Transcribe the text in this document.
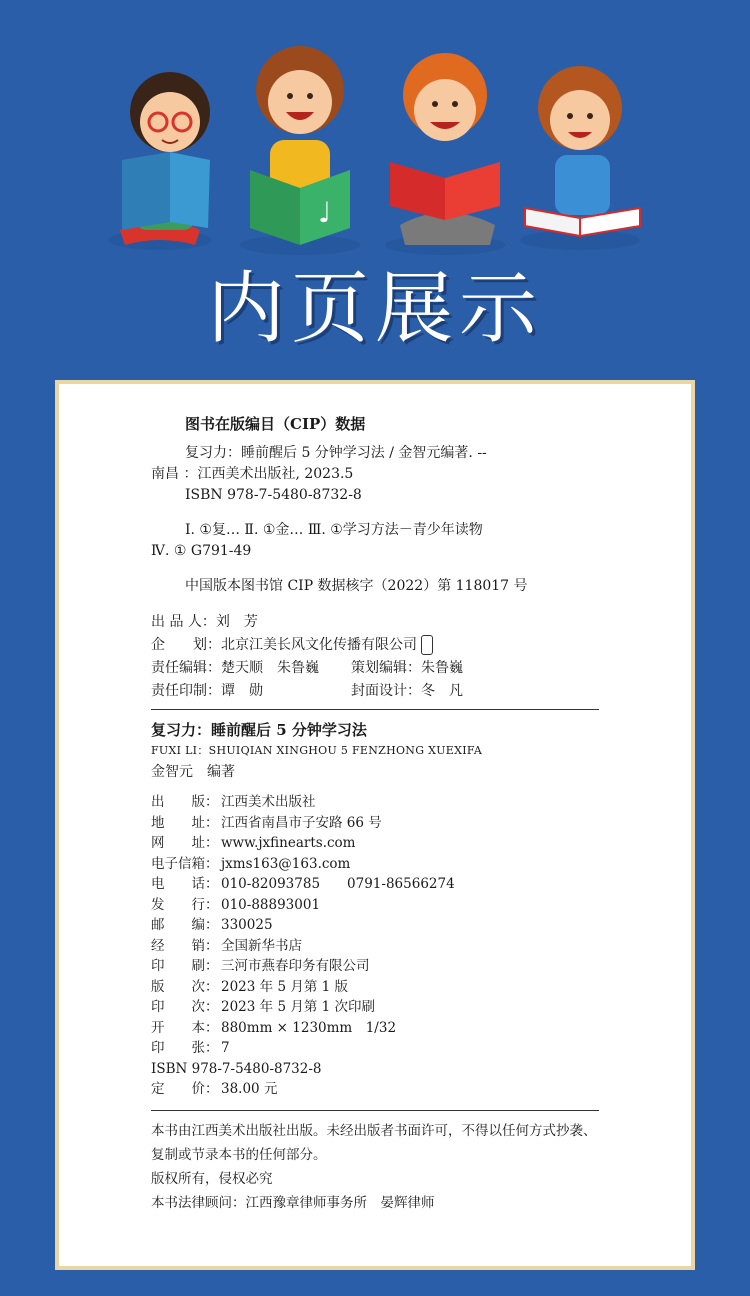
♩
内页展示
图书在版编目（CIP）数据
复习力：睡前醒后 5 分钟学习法 / 金智元编著. --
南昌 ：江西美术出版社, 2023.5
ISBN 978-7-5480-8732-8
Ⅰ. ①复… Ⅱ. ①金… Ⅲ. ①学习方法－青少年读物
Ⅳ. ① G791-49
中国版本图书馆 CIP 数据核字（2022）第 118017 号
出 品 人：刘　芳
企　　划：北京江美长风文化传播有限公司
责任编辑：楚天顺　朱鲁巍 策划编辑：朱鲁巍
责任印制：谭　勋	封面设计：冬　凡
复习力：睡前醒后 5 分钟学习法
FUXI LI：SHUIQIAN XINGHOU 5 FENZHONG XUEXIFA
金智元　编著
出　　版： 江西美术出版社
地　　址： 江西省南昌市子安路 66 号
网　　址： www.jxfinearts.com
电子信箱： jxms163@163.com
电　　话： 010-82093785　　0791-86566274
发　　行： 010-88893001
邮　　编： 330025
经　　销： 全国新华书店
印　　刷： 三河市燕春印务有限公司
版　　次： 2023 年 5 月第 1 版
印　　次： 2023 年 5 月第 1 次印刷
开　　本： 880mm × 1230mm　1/32
印　　张： 7
ISBN 978-7-5480-8732-8
定　　价： 38.00 元
本书由江西美术出版社出版。未经出版者书面许可，不得以任何方式抄袭、复制或节录本书的任何部分。
版权所有，侵权必究
本书法律顾问：江西豫章律师事务所　晏辉律师
